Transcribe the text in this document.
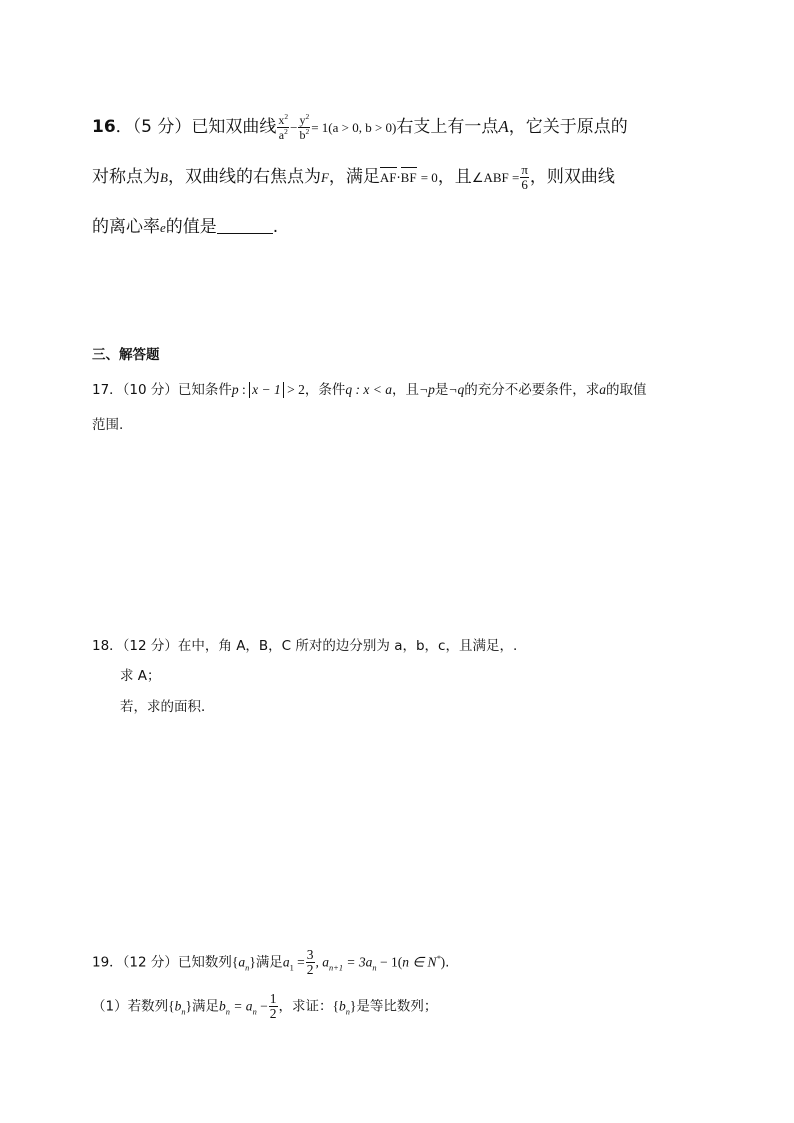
16．（5 分）已知双曲线 $\frac{x^2}{a^2} - \frac{y^2}{b^2} = 1(a > 0$, b > 0)右支上有一点A，它关于原点的
对称点为B，双曲线的右焦点为F，满足AF·BF = 0，且∠ABF = $\frac{\pi}{6}$ ，则双曲线
的离心率e的值是	.
三、解答题
17．（10 分）已知条件p : x − 1 > 2，条件q : x < a，且¬p是¬q的充分不必要条件，求a的取值
范围.
18．（12 分）在中，角 A，B，C 所对的边分别为 a，b，c，且满足，.
求 A；
若，求的面积．
19．（12 分）已知数列$\{a_n\}$满足$a_1 = \frac{3}{2}$ , $a_{n+1} = 3a_n - 1(n$ ∈ N*).
（1）若数列$\{b_n\}$满足$b_n = a_n - \frac{1}{2}$ ，求证：$\{b_n\}$是等比数列；
